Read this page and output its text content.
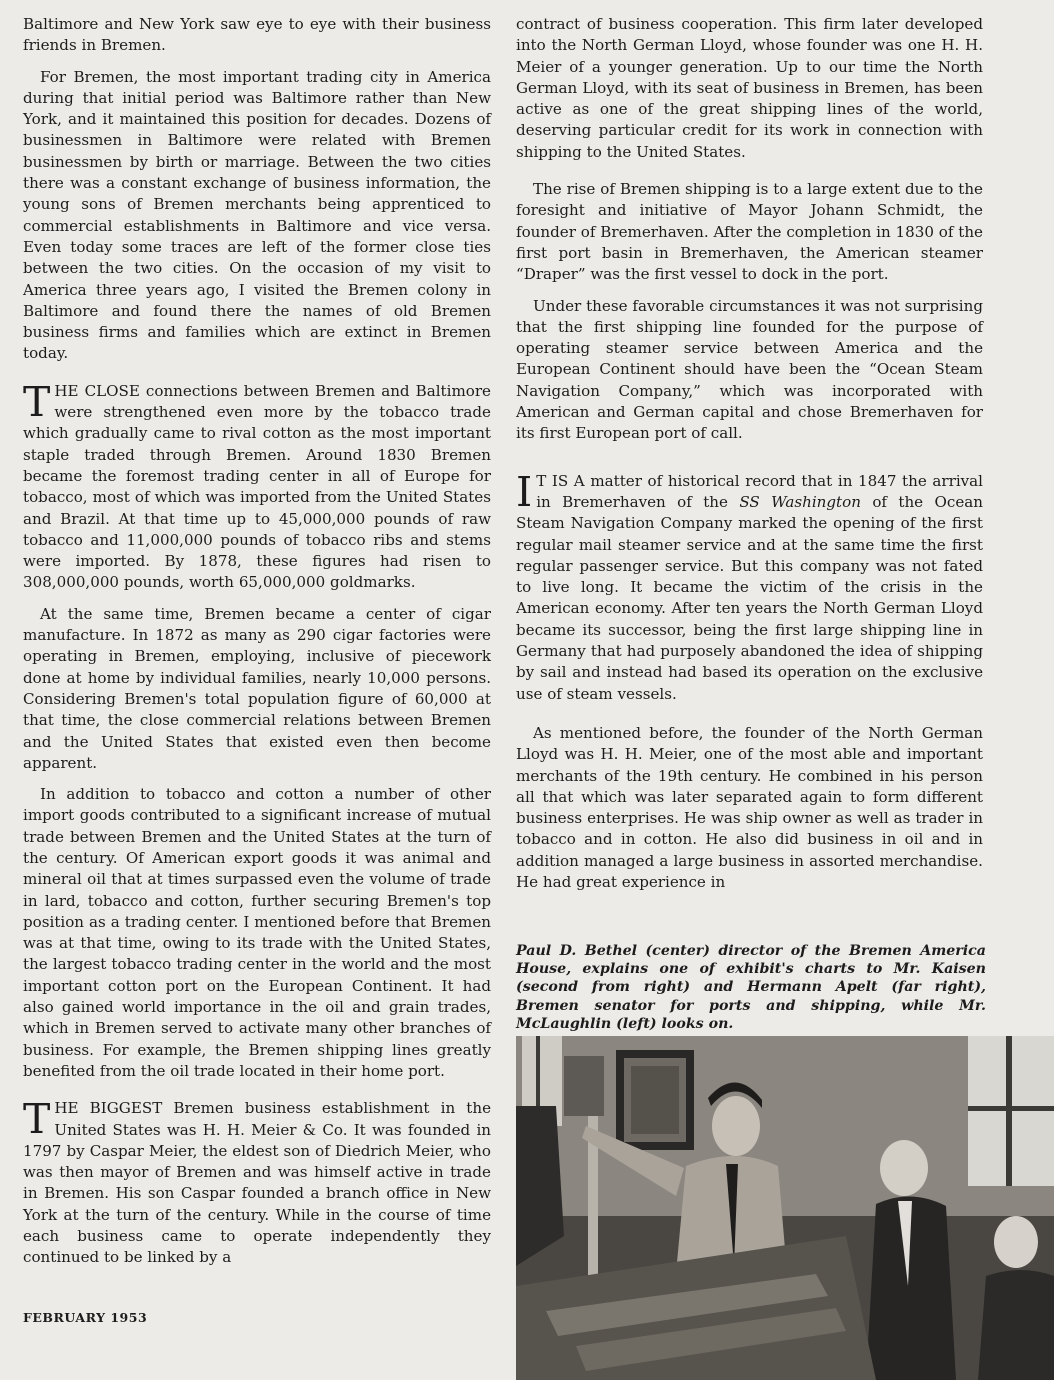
Baltimore and New York saw eye to eye with their business friends in Bremen.

For Bremen, the most important trading city in America during that initial period was Baltimore rather than New York, and it maintained this position for decades. Dozens of businessmen in Baltimore were related with Bremen businessmen by birth or marriage. Between the two cities there was a constant exchange of business information, the young sons of Bremen merchants being apprenticed to commercial establishments in Baltimore and vice versa. Even today some traces are left of the former close ties between the two cities. On the occasion of my visit to America three years ago, I visited the Bremen colony in Baltimore and found there the names of old Bremen business firms and families which are extinct in Bremen today.

THE CLOSE connections between Bremen and Baltimore were strengthened even more by the tobacco trade which gradually came to rival cotton as the most important staple traded through Bremen. Around 1830 Bremen became the foremost trading center in all of Europe for tobacco, most of which was imported from the United States and Brazil. At that time up to 45,000,000 pounds of raw tobacco and 11,000,000 pounds of tobacco ribs and stems were imported. By 1878, these figures had risen to 308,000,000 pounds, worth 65,000,000 goldmarks.

At the same time, Bremen became a center of cigar manufacture. In 1872 as many as 290 cigar factories were operating in Bremen, employing, inclusive of piecework done at home by individual families, nearly 10,000 persons. Considering Bremen's total population figure of 60,000 at that time, the close commercial relations between Bremen and the United States that existed even then become apparent.

In addition to tobacco and cotton a number of other import goods contributed to a significant increase of mutual trade between Bremen and the United States at the turn of the century. Of American export goods it was animal and mineral oil that at times surpassed even the volume of trade in lard, tobacco and cotton, further securing Bremen's top position as a trading center. I mentioned before that Bremen was at that time, owing to its trade with the United States, the largest tobacco trading center in the world and the most important cotton port on the European Continent. It had also gained world importance in the oil and grain trades, which in Bremen served to activate many other branches of business. For example, the Bremen shipping lines greatly benefited from the oil trade located in their home port.

THE BIGGEST Bremen business establishment in the United States was H. H. Meier & Co. It was founded in 1797 by Caspar Meier, the eldest son of Diedrich Meier, who was then mayor of Bremen and was himself active in trade in Bremen. His son Caspar founded a branch office in New York at the turn of the century. While in the course of time each business came to operate independently they continued to be linked by a

contract of business cooperation. This firm later developed into the North German Lloyd, whose founder was one H. H. Meier of a younger generation. Up to our time the North German Lloyd, with its seat of business in Bremen, has been active as one of the great shipping lines of the world, deserving particular credit for its work in connection with shipping to the United States.

The rise of Bremen shipping is to a large extent due to the foresight and initiative of Mayor Johann Schmidt, the founder of Bremerhaven. After the completion in 1830 of the first port basin in Bremerhaven, the American steamer “Draper” was the first vessel to dock in the port.

Under these favorable circumstances it was not surprising that the first shipping line founded for the purpose of operating steamer service between America and the European Continent should have been the “Ocean Steam Navigation Company,” which was incorporated with American and German capital and chose Bremerhaven for its first European port of call.

I T IS A matter of historical record that in 1847 the arrival in Bremerhaven of the SS Washington of the Ocean Steam Navigation Company marked the opening of the first regular mail steamer service and at the same time the first regular passenger service. But this company was not fated to live long. It became the victim of the crisis in the American economy. After ten years the North German Lloyd became its successor, being the first large shipping line in Germany that had purposely abandoned the idea of shipping by sail and instead had based its operation on the exclusive use of steam vessels.

As mentioned before, the founder of the North German Lloyd was H. H. Meier, one of the most able and important merchants of the 19th century. He combined in his person all that which was later separated again to form different business enterprises. He was ship owner as well as trader in tobacco and in cotton. He also did business in oil and in addition managed a large business in assorted merchandise. He had great experience in

Paul D. Bethel (center) director of the Bremen America House, explains one of exhibit's charts to Mr. Kaisen (second from right) and Hermann Apelt (far right), Bremen senator for ports and shipping, while Mr. McLaughlin (left) looks on.

FEBRUARY 1953
